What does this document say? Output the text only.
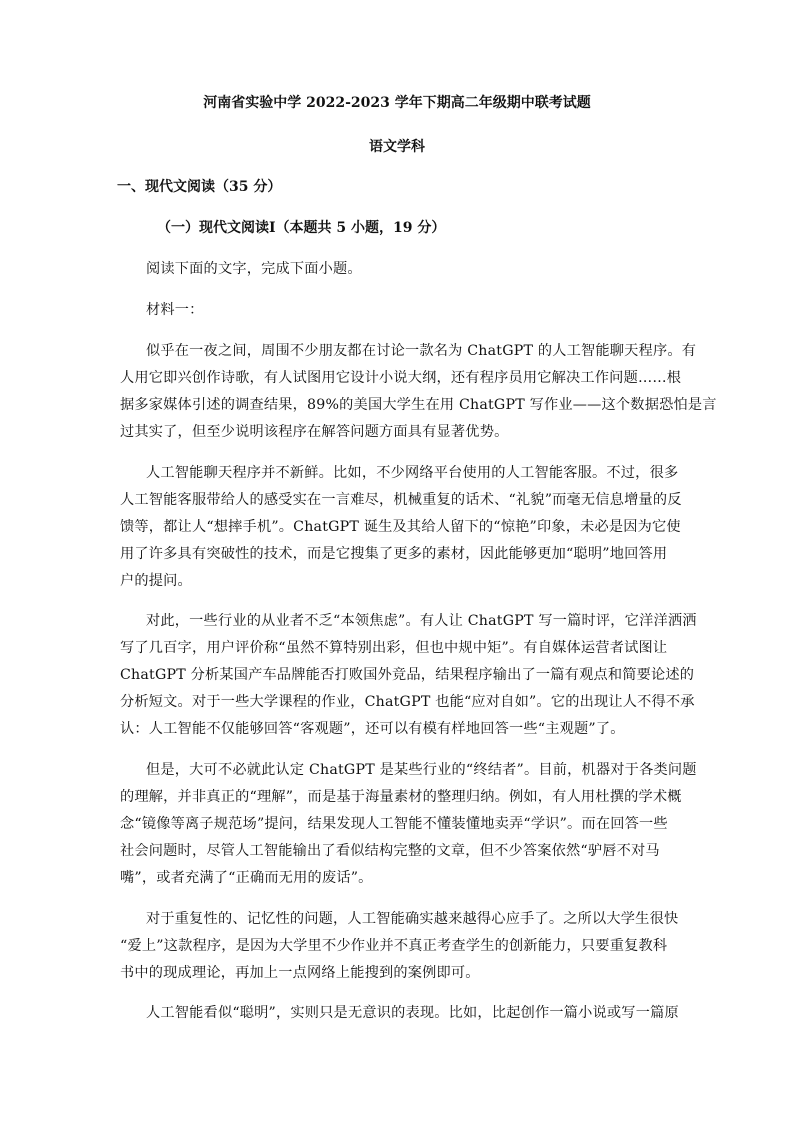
河南省实验中学 2022-2023 学年下期高二年级期中联考试题
语文学科
一、现代文阅读（35 分）
（一）现代文阅读Ⅰ（本题共 5 小题，19 分）
阅读下面的文字，完成下面小题。
材料一：
似乎在一夜之间，周围不少朋友都在讨论一款名为 ChatGPT 的人工智能聊天程序。有
人用它即兴创作诗歌，有人试图用它设计小说大纲，还有程序员用它解决工作问题……根
据多家媒体引述的调查结果，89%的美国大学生在用 ChatGPT 写作业——这个数据恐怕是言
过其实了，但至少说明该程序在解答问题方面具有显著优势。
人工智能聊天程序并不新鲜。比如，不少网络平台使用的人工智能客服。不过，很多
人工智能客服带给人的感受实在一言难尽，机械重复的话术、“礼貌”而毫无信息增量的反
馈等，都让人“想摔手机”。ChatGPT 诞生及其给人留下的“惊艳”印象，未必是因为它使
用了许多具有突破性的技术，而是它搜集了更多的素材，因此能够更加“聪明”地回答用
户的提问。
对此，一些行业的从业者不乏“本领焦虑”。有人让 ChatGPT 写一篇时评，它洋洋洒洒
写了几百字，用户评价称“虽然不算特别出彩，但也中规中矩”。有自媒体运营者试图让
ChatGPT 分析某国产车品牌能否打败国外竞品，结果程序输出了一篇有观点和简要论述的
分析短文。对于一些大学课程的作业，ChatGPT 也能“应对自如”。它的出现让人不得不承
认：人工智能不仅能够回答“客观题”，还可以有模有样地回答一些“主观题”了。
但是，大可不必就此认定 ChatGPT 是某些行业的“终结者”。目前，机器对于各类问题
的理解，并非真正的“理解”，而是基于海量素材的整理归纳。例如，有人用杜撰的学术概
念“镜像等离子规范场”提问，结果发现人工智能不懂装懂地卖弄“学识”。而在回答一些
社会问题时，尽管人工智能输出了看似结构完整的文章，但不少答案依然“驴唇不对马
嘴”，或者充满了“正确而无用的废话”。
对于重复性的、记忆性的问题，人工智能确实越来越得心应手了。之所以大学生很快
“爱上”这款程序，是因为大学里不少作业并不真正考查学生的创新能力，只要重复教科
书中的现成理论，再加上一点网络上能搜到的案例即可。
人工智能看似“聪明”，实则只是无意识的表现。比如，比起创作一篇小说或写一篇原
